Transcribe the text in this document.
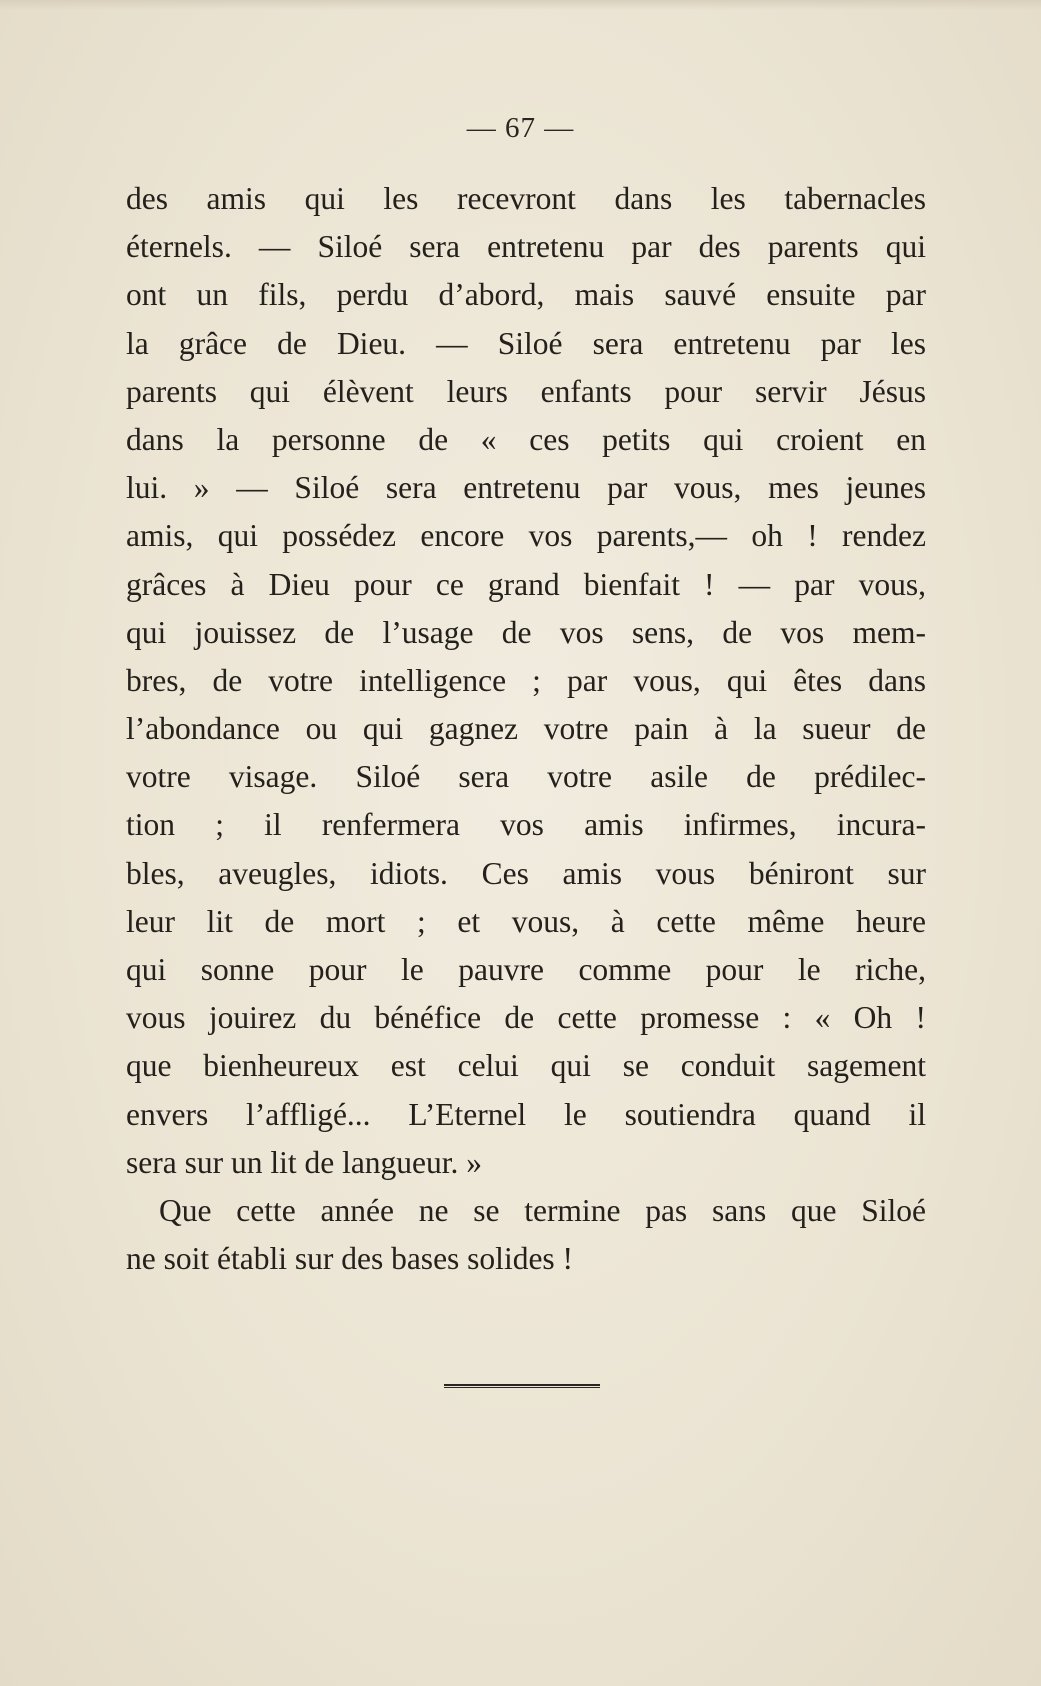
— 67 —
des amis qui les recevront dans les tabernacles
éternels. — Siloé sera entretenu par des parents qui
ont un fils, perdu d’abord, mais sauvé ensuite par
la grâce de Dieu. — Siloé sera entretenu par les
parents qui élèvent leurs enfants pour servir Jésus
dans la personne de « ces petits qui croient en
lui. » — Siloé sera entretenu par vous, mes jeunes
amis, qui possédez encore vos parents,— oh ! rendez
grâces à Dieu pour ce grand bienfait ! — par vous,
qui jouissez de l’usage de vos sens, de vos mem-
bres, de votre intelligence ; par vous, qui êtes dans
l’abondance ou qui gagnez votre pain à la sueur de
votre visage. Siloé sera votre asile de prédilec-
tion ; il renfermera vos amis infirmes, incura-
bles, aveugles, idiots. Ces amis vous béniront sur
leur lit de mort ; et vous, à cette même heure
qui sonne pour le pauvre comme pour le riche,
vous jouirez du bénéfice de cette promesse : « Oh !
que bienheureux est celui qui se conduit sagement
envers l’affligé... L’Eternel le soutiendra quand il
sera sur un lit de langueur. »
Que cette année ne se termine pas sans que Siloé
ne soit établi sur des bases solides !
